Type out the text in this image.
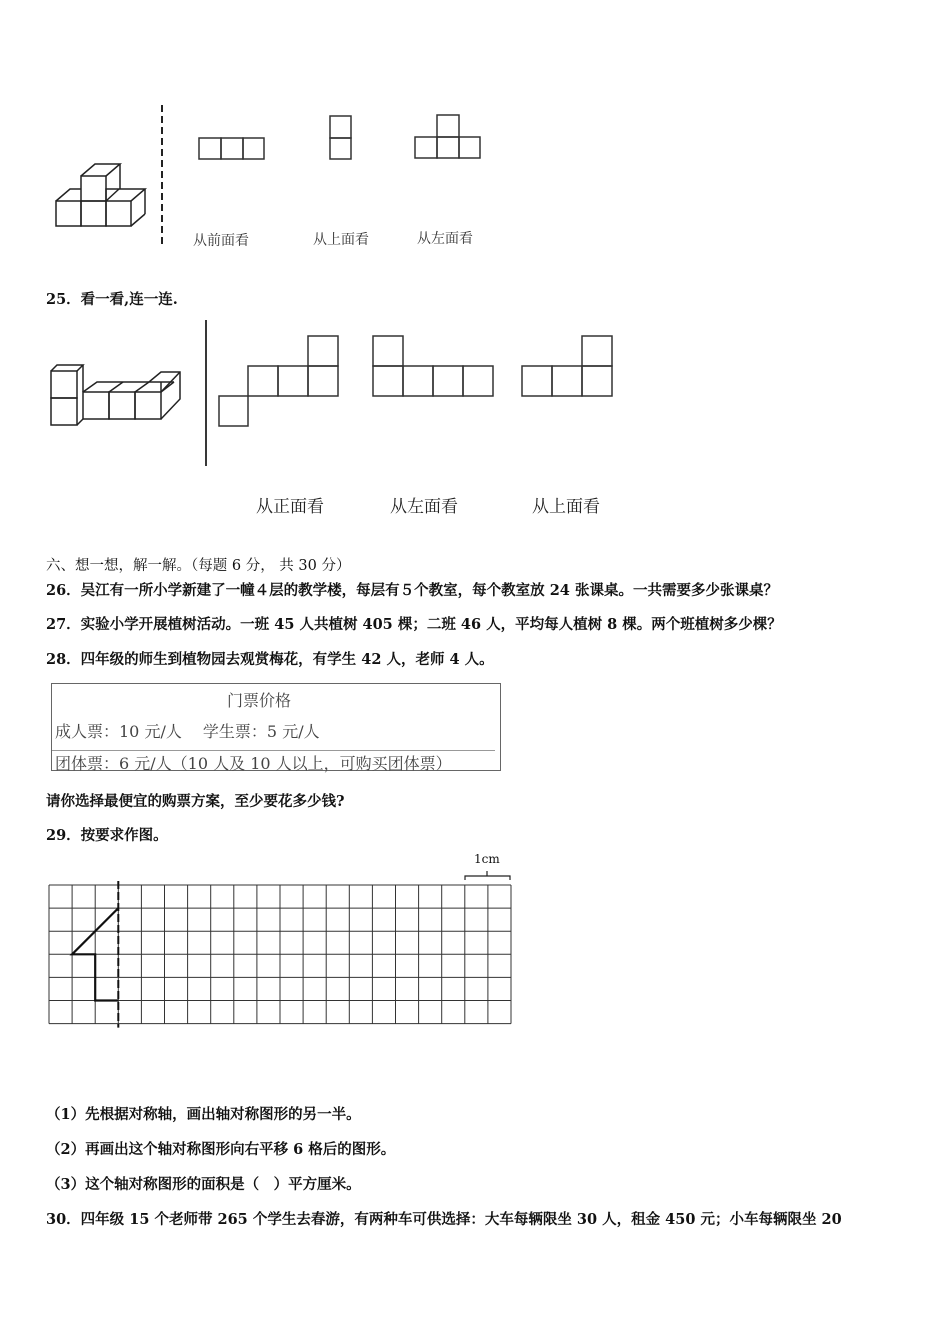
从前面看	从上面看	从左面看
25．看一看,连一连.
从正面看	从左面看	从上面看
六、想一想，解一解。（每题 6 分， 共 30 分）
26．吴江有一所小学新建了一幢４层的教学楼，每层有５个教室，每个教室放 24 张课桌。一共需要多少张课桌？
27．实验小学开展植树活动。一班 45 人共植树 405 棵；二班 46 人，平均每人植树 8 棵。两个班植树多少棵？
28．四年级的师生到植物园去观赏梅花，有学生 42 人，老师 4 人。
门票价格
成人票：10 元/人　 学生票：5 元/人
团体票：6 元/人（10 人及 10 人以上，可购买团体票）
请你选择最便宜的购票方案，至少要花多少钱?
29．按要求作图。
1cm
（1）先根据对称轴，画出轴对称图形的另一半。
（2）再画出这个轴对称图形向右平移 6 格后的图形。
（3）这个轴对称图形的面积是（　）平方厘米。
30．四年级 15 个老师带 265 个学生去春游，有两种车可供选择：大车每辆限坐 30 人，租金 450 元；小车每辆限坐 20
